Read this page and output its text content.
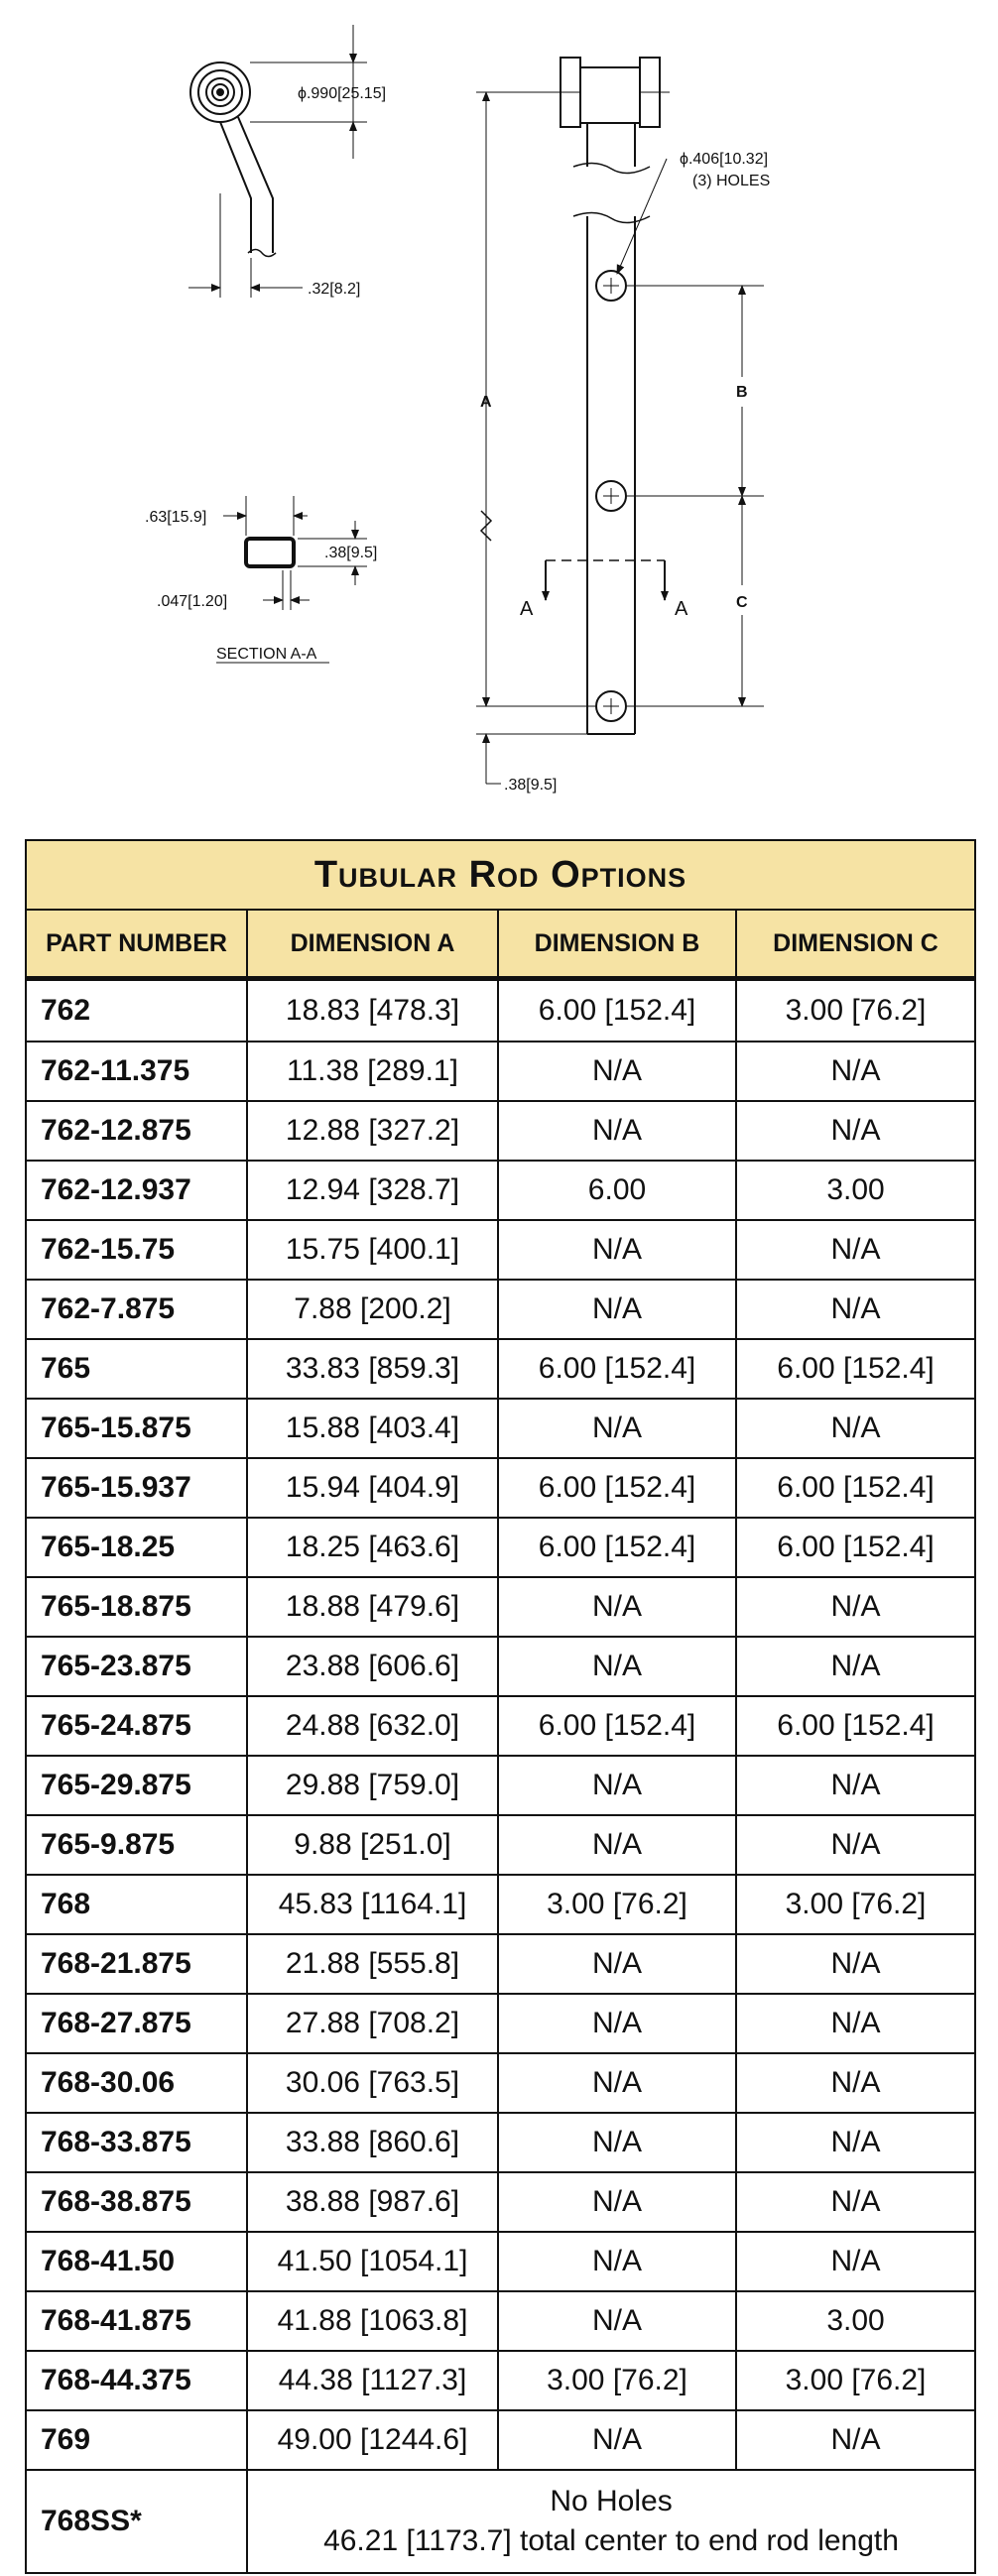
ϕ.990[25.15]
.32[8.2]
ϕ.406[10.32]
(3) HOLES
A
B
C
A	A
.63[15.9]
.38[9.5]
.047[1.20]
SECTION A-A
.38[9.5]
Tubular Rod Options			
PART NUMBER	DIMENSION A	DIMENSION B	DIMENSION C
762	18.83 [478.3]	6.00 [152.4]	3.00 [76.2]
762-11.375	11.38 [289.1]	N/A	N/A
762-12.875	12.88 [327.2]	N/A	N/A
762-12.937	12.94 [328.7]	6.00	3.00
762-15.75	15.75 [400.1]	N/A	N/A
762-7.875	7.88 [200.2]	N/A	N/A
765	33.83 [859.3]	6.00 [152.4]	6.00 [152.4]
765-15.875	15.88 [403.4]	N/A	N/A
765-15.937	15.94 [404.9]	6.00 [152.4]	6.00 [152.4]
765-18.25	18.25 [463.6]	6.00 [152.4]	6.00 [152.4]
765-18.875	18.88 [479.6]	N/A	N/A
765-23.875	23.88 [606.6]	N/A	N/A
765-24.875	24.88 [632.0]	6.00 [152.4]	6.00 [152.4]
765-29.875	29.88 [759.0]	N/A	N/A
765-9.875	9.88 [251.0]	N/A	N/A
768	45.83 [1164.1]	3.00 [76.2]	3.00 [76.2]
768-21.875	21.88 [555.8]	N/A	N/A
768-27.875	27.88 [708.2]	N/A	N/A
768-30.06	30.06 [763.5]	N/A	N/A
768-33.875	33.88 [860.6]	N/A	N/A
768-38.875	38.88 [987.6]	N/A	N/A
768-41.50	41.50 [1054.1]	N/A	N/A
768-41.875	41.88 [1063.8]	N/A	3.00
768-44.375	44.38 [1127.3]	3.00 [76.2]	3.00 [76.2]
769	49.00 [1244.6]	N/A	N/A
768SS*	No Holes
46.21 [1173.7] total center to end rod length		
